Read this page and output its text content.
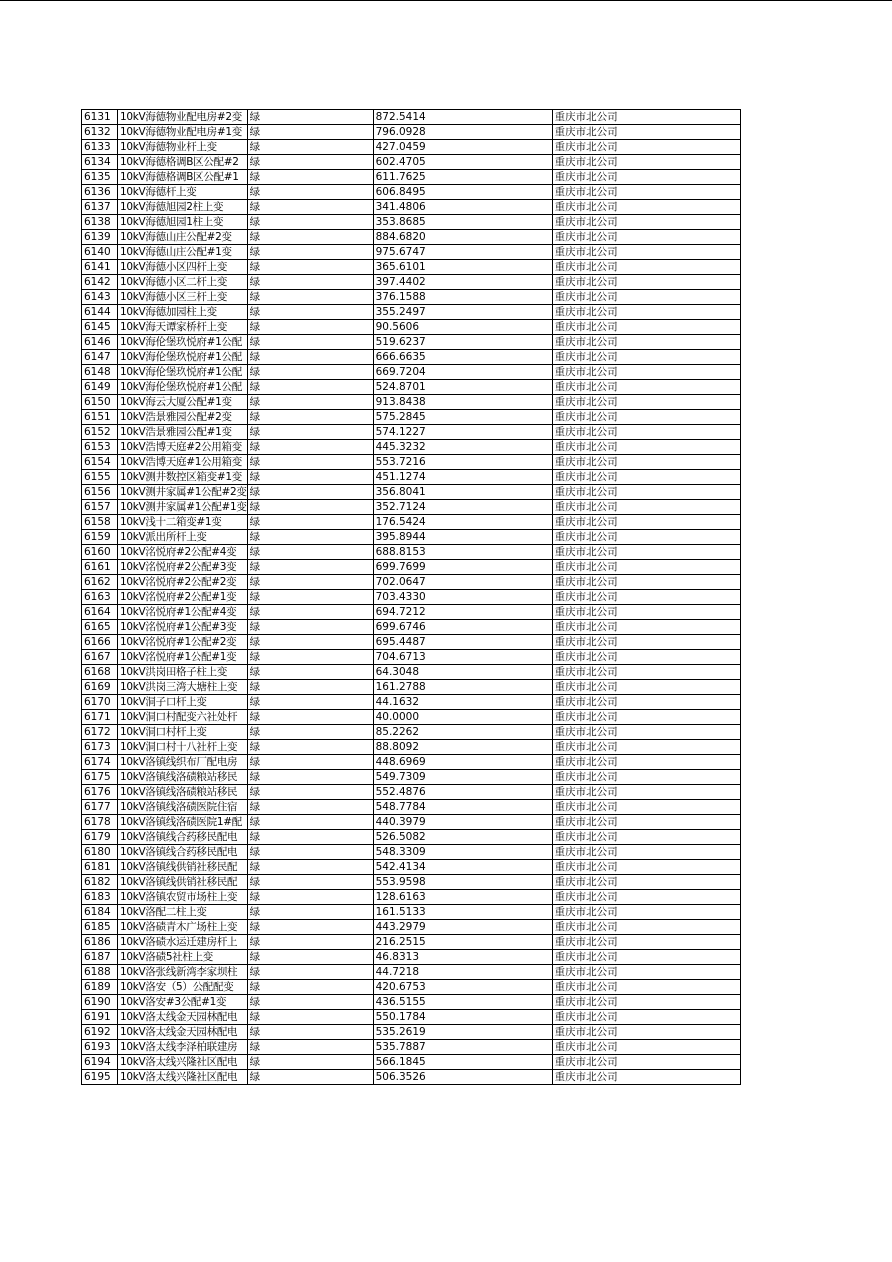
6131	10kV海德物业配电房#2变	绿	872.5414	重庆市北公司
6132	10kV海德物业配电房#1变	绿	796.0928	重庆市北公司
6133	10kV海德物业杆上变	绿	427.0459	重庆市北公司
6134	10kV海德格调B区公配#2	绿	602.4705	重庆市北公司
6135	10kV海德格调B区公配#1	绿	611.7625	重庆市北公司
6136	10kV海德杆上变	绿	606.8495	重庆市北公司
6137	10kV海德旭园2柱上变	绿	341.4806	重庆市北公司
6138	10kV海德旭园1柱上变	绿	353.8685	重庆市北公司
6139	10kV海德山庄公配#2变	绿	884.6820	重庆市北公司
6140	10kV海德山庄公配#1变	绿	975.6747	重庆市北公司
6141	10kV海德小区四杆上变	绿	365.6101	重庆市北公司
6142	10kV海德小区二杆上变	绿	397.4402	重庆市北公司
6143	10kV海德小区三杆上变	绿	376.1588	重庆市北公司
6144	10kV海德加园柱上变	绿	355.2497	重庆市北公司
6145	10kV海天谭家桥杆上变	绿	90.5606	重庆市北公司
6146	10kV海伦堡玖悦府#1公配	绿	519.6237	重庆市北公司
6147	10kV海伦堡玖悦府#1公配	绿	666.6635	重庆市北公司
6148	10kV海伦堡玖悦府#1公配	绿	669.7204	重庆市北公司
6149	10kV海伦堡玖悦府#1公配	绿	524.8701	重庆市北公司
6150	10kV海云大厦公配#1变	绿	913.8438	重庆市北公司
6151	10kV浩景雅园公配#2变	绿	575.2845	重庆市北公司
6152	10kV浩景雅园公配#1变	绿	574.1227	重庆市北公司
6153	10kV浩博天庭#2公用箱变	绿	445.3232	重庆市北公司
6154	10kV浩博天庭#1公用箱变	绿	553.7216	重庆市北公司
6155	10kV测井数控区箱变#1变	绿	451.1274	重庆市北公司
6156	10kV测井家属#1公配#2变	绿	356.8041	重庆市北公司
6157	10kV测井家属#1公配#1变	绿	352.7124	重庆市北公司
6158	10kV浅十二箱变#1变	绿	176.5424	重庆市北公司
6159	10kV派出所杆上变	绿	395.8944	重庆市北公司
6160	10kV洺悦府#2公配#4变	绿	688.8153	重庆市北公司
6161	10kV洺悦府#2公配#3变	绿	699.7699	重庆市北公司
6162	10kV洺悦府#2公配#2变	绿	702.0647	重庆市北公司
6163	10kV洺悦府#2公配#1变	绿	703.4330	重庆市北公司
6164	10kV洺悦府#1公配#4变	绿	694.7212	重庆市北公司
6165	10kV洺悦府#1公配#3变	绿	699.6746	重庆市北公司
6166	10kV洺悦府#1公配#2变	绿	695.4487	重庆市北公司
6167	10kV洺悦府#1公配#1变	绿	704.6713	重庆市北公司
6168	10kV洪岗田格子柱上变	绿	64.3048	重庆市北公司
6169	10kV洪岗三湾大塘柱上变	绿	161.2788	重庆市北公司
6170	10kV洞子口杆上变	绿	44.1632	重庆市北公司
6171	10kV洞口村配变六社处杆	绿	40.0000	重庆市北公司
6172	10kV洞口村杆上变	绿	85.2262	重庆市北公司
6173	10kV洞口村十八社杆上变	绿	88.8092	重庆市北公司
6174	10kV洛镇线织布厂配电房	绿	448.6969	重庆市北公司
6175	10kV洛镇线洛碛粮站移民	绿	549.7309	重庆市北公司
6176	10kV洛镇线洛碛粮站移民	绿	552.4876	重庆市北公司
6177	10kV洛镇线洛碛医院住宿	绿	548.7784	重庆市北公司
6178	10kV洛镇线洛碛医院1#配	绿	440.3979	重庆市北公司
6179	10kV洛镇线合药移民配电	绿	526.5082	重庆市北公司
6180	10kV洛镇线合药移民配电	绿	548.3309	重庆市北公司
6181	10kV洛镇线供销社移民配	绿	542.4134	重庆市北公司
6182	10kV洛镇线供销社移民配	绿	553.9598	重庆市北公司
6183	10kV洛镇农贸市场柱上变	绿	128.6163	重庆市北公司
6184	10kV洛配二柱上变	绿	161.5133	重庆市北公司
6185	10kV洛碛青木广场柱上变	绿	443.2979	重庆市北公司
6186	10kV洛碛水运迁建房杆上	绿	216.2515	重庆市北公司
6187	10kV洛碛5社柱上变	绿	46.8313	重庆市北公司
6188	10kV洛张线新湾李家坝柱	绿	44.7218	重庆市北公司
6189	10kV洛安（5）公配配变	绿	420.6753	重庆市北公司
6190	10kV洛安#3公配#1变	绿	436.5155	重庆市北公司
6191	10kV洛太线金天园林配电	绿	550.1784	重庆市北公司
6192	10kV洛太线金天园林配电	绿	535.2619	重庆市北公司
6193	10kV洛太线李泽柏联建房	绿	535.7887	重庆市北公司
6194	10kV洛太线兴隆社区配电	绿	566.1845	重庆市北公司
6195	10kV洛太线兴隆社区配电	绿	506.3526	重庆市北公司
